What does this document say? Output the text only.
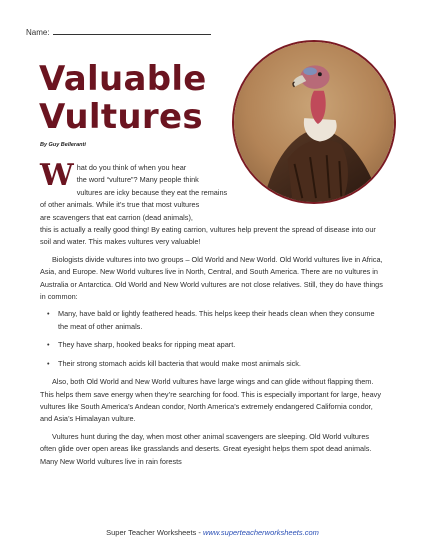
Name:
Valuable
Vultures
By Guy Belleranti

W hat do you think of when you hear
the word “vulture”? Many people think
vultures are icky because they eat the remains
of other animals. While it’s true that most vultures
are scavengers that eat carrion (dead animals),
this is actually a really good thing! By eating carrion, vultures help prevent the spread of disease into our soil and water. This makes vultures very valuable!

Biologists divide vultures into two groups – Old World and New World. Old World vultures live in Africa, Asia, and Europe. New World vultures live in North, Central, and South America. There are no vultures in Australia or Antarctica. Old World and New World vultures are not close relatives. Still, they do have things in common:

• Many, have bald or lightly feathered heads. This helps keep their heads clean when they consume the meat of other animals.
• They have sharp, hooked beaks for ripping meat apart.
• Their strong stomach acids kill bacteria that would make most animals sick.

Also, both Old World and New World vultures have large wings and can glide without flapping them. This helps them save energy when they’re searching for food. This is especially important for large, heavy vultures like South America’s Andean condor, North America’s extremely endangered California condor, and Asia’s Himalayan vulture.

Vultures hunt during the day, when most other animal scavengers are sleeping. Old World vultures often glide over open areas like grasslands and deserts. Great eyesight helps them spot dead animals. Many New World vultures live in rain forests

Super Teacher Worksheets - www.superteacherworksheets.com
